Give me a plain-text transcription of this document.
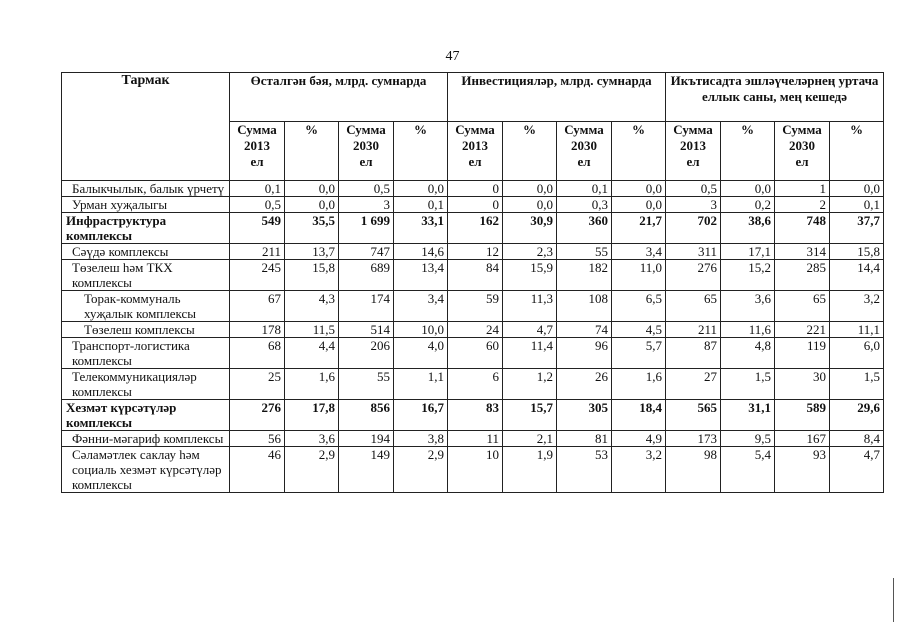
47
Тармак	Өсталгән бәя, млрд. сумнарда				Инвестицияләр, млрд. сумнарда				Икътисадта эшләүчеләрнең уртача еллык саны, мең кешедә			

	Сумма
2013
ел	%	Сумма
2030
ел	%	Сумма
2013
ел	%	Сумма
2030
ел	%	Сумма
2013
ел	%	Сумма
2030
ел	%

Балыкчылык, балык үрчетү	0,1	0,0	0,5	0,0	0	0,0	0,1	0,0	0,5	0,0	1	0,0
Урман хуҗалыгы	0,5	0,0	3	0,1	0	0,0	0,3	0,0	3	0,2	2	0,1
Инфраструктура комплексы	549	35,5	1 699	33,1	162	30,9	360	21,7	702	38,6	748	37,7
Сәүдә комплексы	211	13,7	747	14,6	12	2,3	55	3,4	311	17,1	314	15,8
Төзелеш һәм ТКХ комплексы	245	15,8	689	13,4	84	15,9	182	11,0	276	15,2	285	14,4
Торак-коммуналь хуҗалык комплексы	67	4,3	174	3,4	59	11,3	108	6,5	65	3,6	65	3,2
Төзелеш комплексы	178	11,5	514	10,0	24	4,7	74	4,5	211	11,6	221	11,1
Транспорт-логистика комплексы	68	4,4	206	4,0	60	11,4	96	5,7	87	4,8	119	6,0
Телекоммуникацияләр комплексы	25	1,6	55	1,1	6	1,2	26	1,6	27	1,5	30	1,5
Хезмәт күрсәтүләр комплексы	276	17,8	856	16,7	83	15,7	305	18,4	565	31,1	589	29,6
Фәнни-мәгариф комплексы	56	3,6	194	3,8	11	2,1	81	4,9	173	9,5	167	8,4
Сәламәтлек саклау һәм социаль хезмәт күрсәтүләр комплексы	46	2,9	149	2,9	10	1,9	53	3,2	98	5,4	93	4,7
